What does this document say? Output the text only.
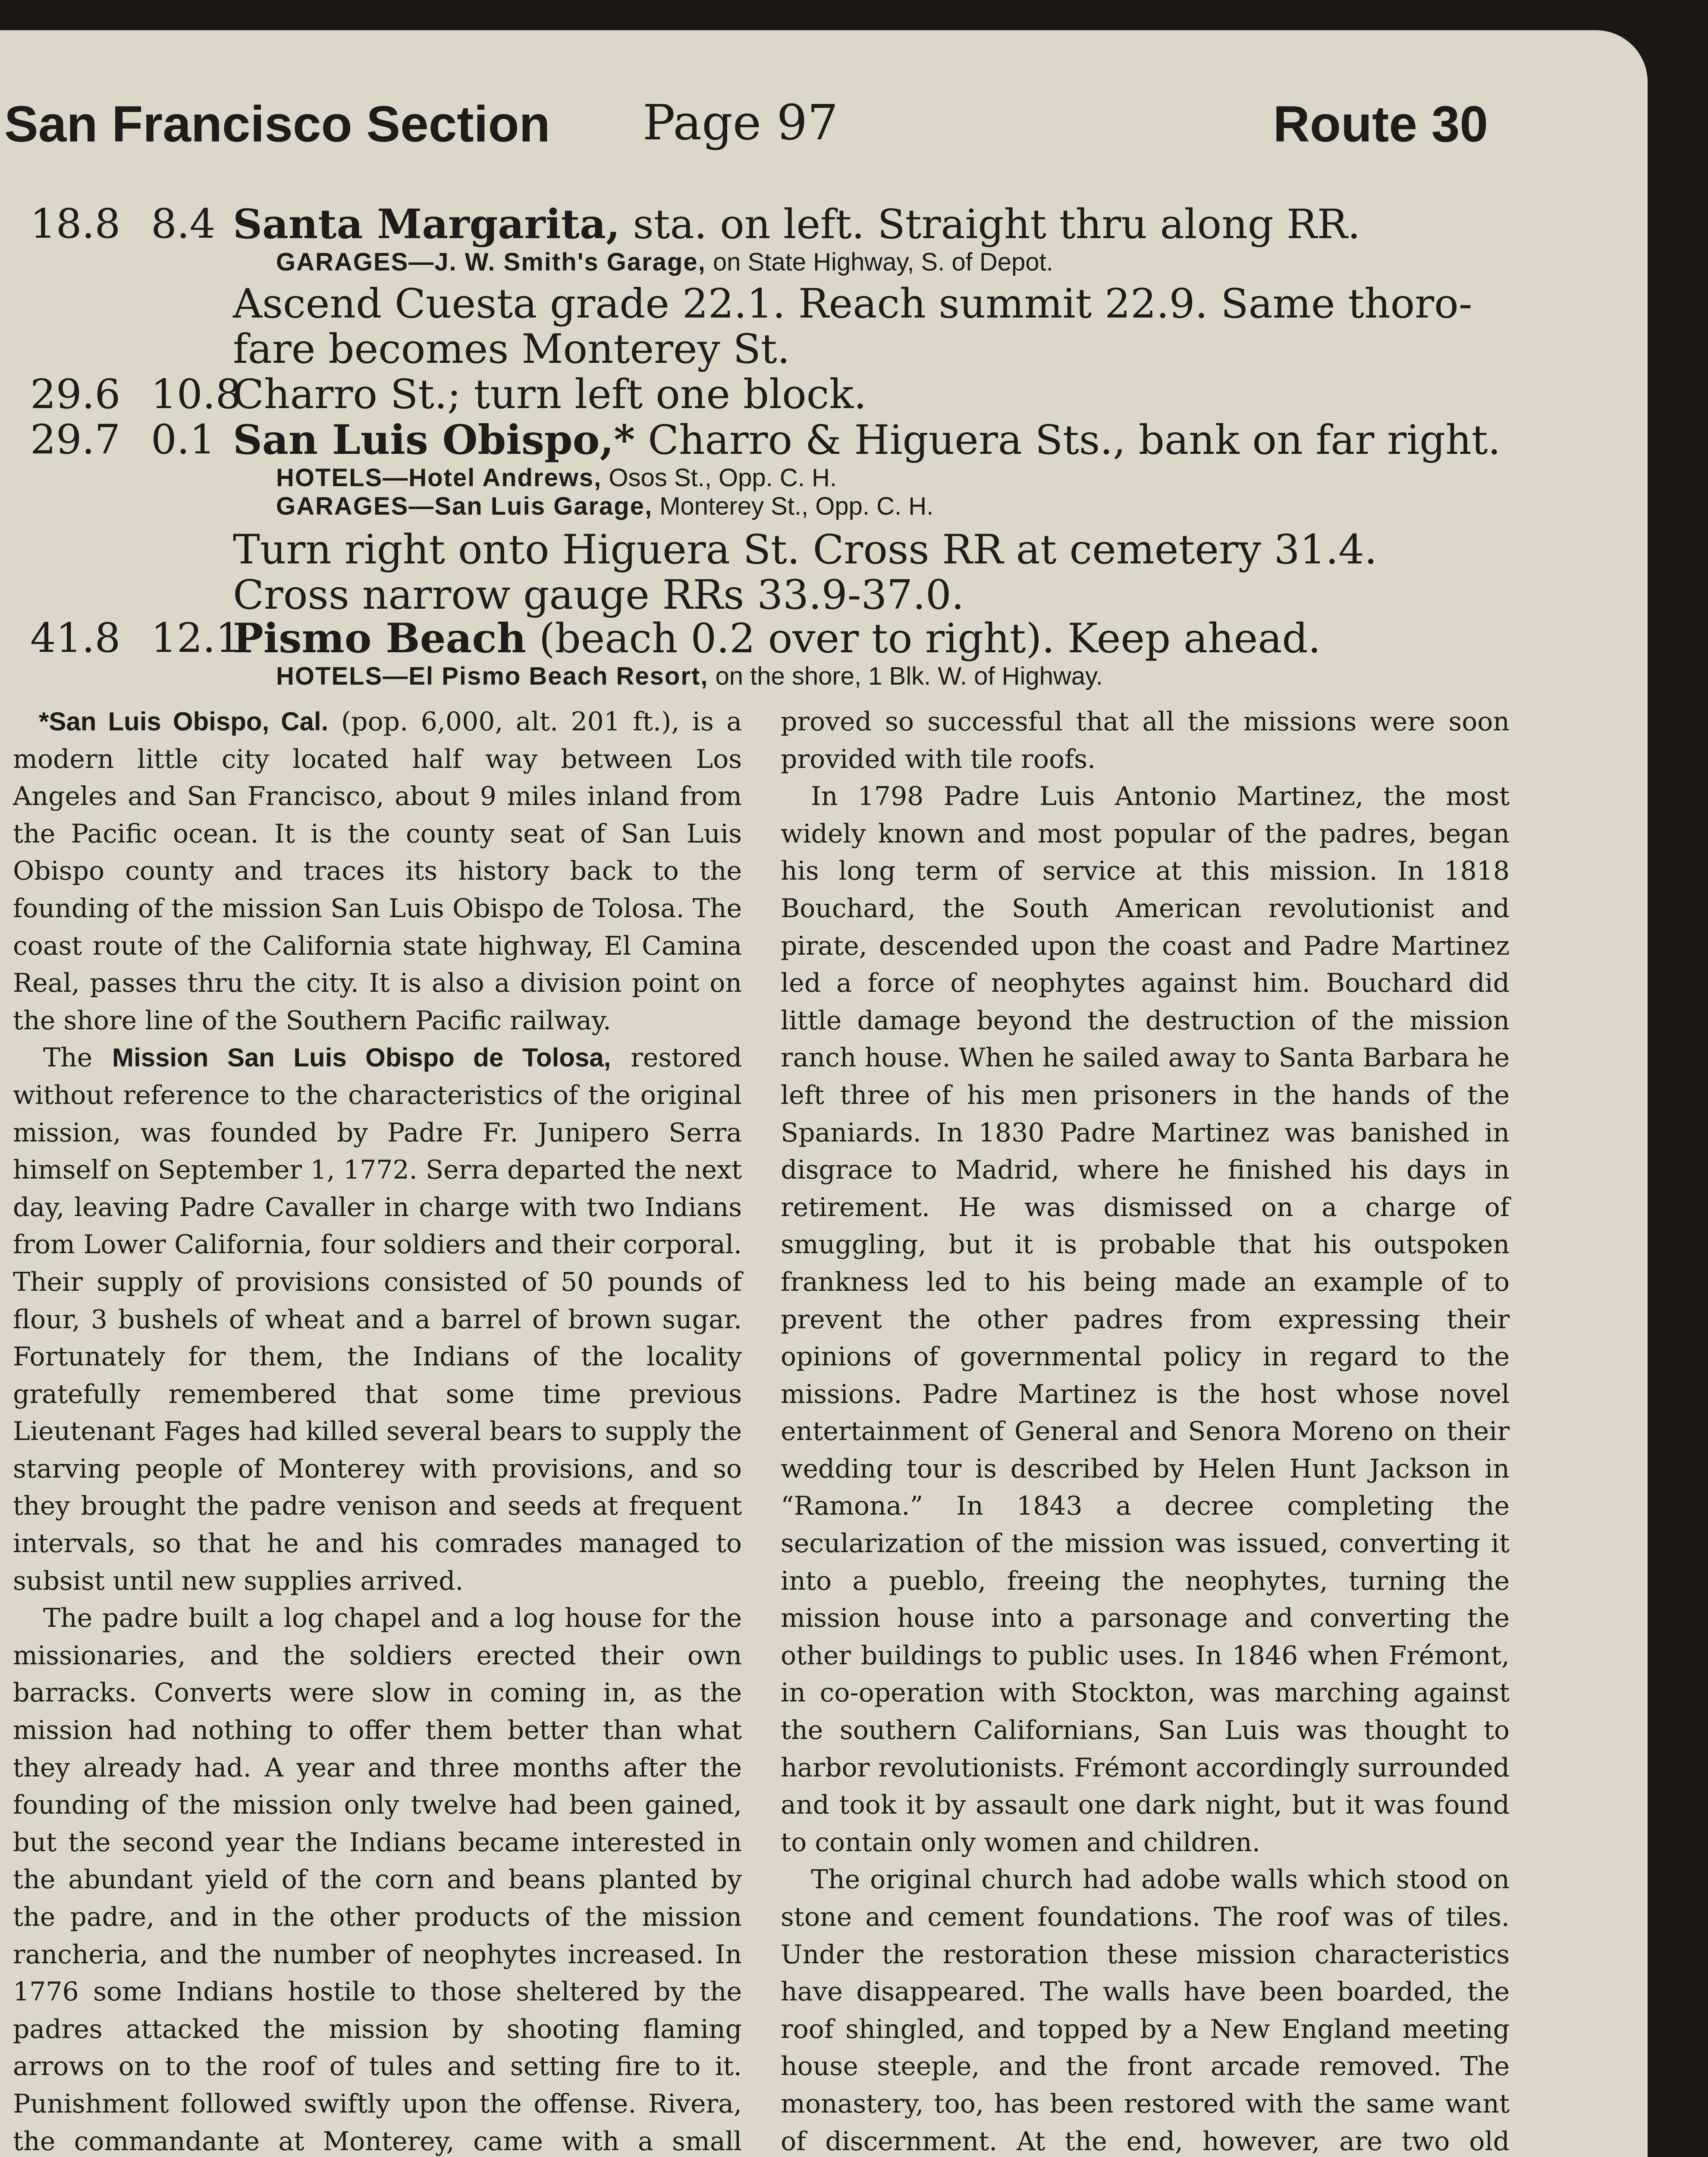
San Francisco Section Page 97	Route 30
18.8 8.4 Santa Margarita, sta. on left. Straight thru along RR.
GARAGES—J. W. Smith's Garage, on State Highway, S. of Depot.
Ascend Cuesta grade 22.1. Reach summit 22.9. Same thoro-
fare becomes Monterey St.
29.6 10.8
Charro St.; turn left one block.
29.7 0.1 San Luis Obispo,* Charro & Higuera Sts., bank on far right.
HOTELS—Hotel Andrews, Osos St., Opp. C. H.
GARAGES—San Luis Garage, Monterey St., Opp. C. H.
Turn right onto Higuera St. Cross RR at cemetery 31.4.
Cross narrow gauge RRs 33.9-37.0.
41.8 12.1
Pismo Beach (beach 0.2 over to right). Keep ahead.
HOTELS—El Pismo Beach Resort, on the shore, 1 Blk. W. of Highway.

*San Luis Obispo, Cal. (pop. 6,000, alt. 201 ft.), is a modern little city located half way between Los Angeles and San Francisco, about 9 miles inland from the Pacific ocean. It is the county seat of San Luis Obispo county and traces its history back to the founding of the mission San Luis Obispo de Tolosa. The coast route of the California state highway, El Camina Real, passes thru the city. It is also a division point on the shore line of the Southern Pacific railway.

The Mission San Luis Obispo de Tolosa, restored without reference to the characteristics of the original mission, was founded by Padre Fr. Junipero Serra himself on September 1, 1772. Serra departed the next day, leaving Padre Cavaller in charge with two Indians from Lower California, four soldiers and their corporal. Their supply of provisions consisted of 50 pounds of flour, 3 bushels of wheat and a barrel of brown sugar. Fortunately for them, the Indians of the locality gratefully remembered that some time previous Lieutenant Fages had killed several bears to supply the starving people of Monterey with provisions, and so they brought the padre venison and seeds at frequent intervals, so that he and his comrades managed to subsist until new supplies arrived.

The padre built a log chapel and a log house for the missionaries, and the soldiers erected their own barracks. Converts were slow in coming in, as the mission had nothing to offer them better than what they already had. A year and three months after the founding of the mission only twelve had been gained, but the second year the Indians became interested in the abundant yield of the corn and beans planted by the padre, and in the other products of the mission rancheria, and the number of neophytes increased. In 1776 some Indians hostile to those sheltered by the padres attacked the mission by shooting flaming arrows on to the roof of tules and setting fire to it. Punishment followed swiftly upon the offense. Rivera, the commandante at Monterey, came with a small

proved so successful that all the missions were soon provided with tile roofs.

In 1798 Padre Luis Antonio Martinez, the most widely known and most popular of the padres, began his long term of service at this mission. In 1818 Bouchard, the South American revolutionist and pirate, descended upon the coast and Padre Martinez led a force of neophytes against him. Bouchard did little damage beyond the destruction of the mission ranch house. When he sailed away to Santa Barbara he left three of his men prisoners in the hands of the Spaniards. In 1830 Padre Martinez was banished in disgrace to Madrid, where he finished his days in retirement. He was dismissed on a charge of smuggling, but it is probable that his outspoken frankness led to his being made an example of to prevent the other padres from expressing their opinions of governmental policy in regard to the missions. Padre Martinez is the host whose novel entertainment of General and Senora Moreno on their wedding tour is described by Helen Hunt Jackson in “Ramona.” In 1843 a decree completing the secularization of the mission was issued, converting it into a pueblo, freeing the neophytes, turning the mission house into a parsonage and converting the other buildings to public uses. In 1846 when Frémont, in co-operation with Stockton, was marching against the southern Californians, San Luis was thought to harbor revolutionists. Frémont accordingly surrounded and took it by assault one dark night, but it was found to contain only women and children.

The original church had adobe walls which stood on stone and cement foundations. The roof was of tiles. Under the restoration these mission characteristics have disappeared. The walls have been boarded, the roof shingled, and topped by a New England meeting house steeple, and the front arcade removed. The monastery, too, has been restored with the same want of discernment. At the end, however, are two old
